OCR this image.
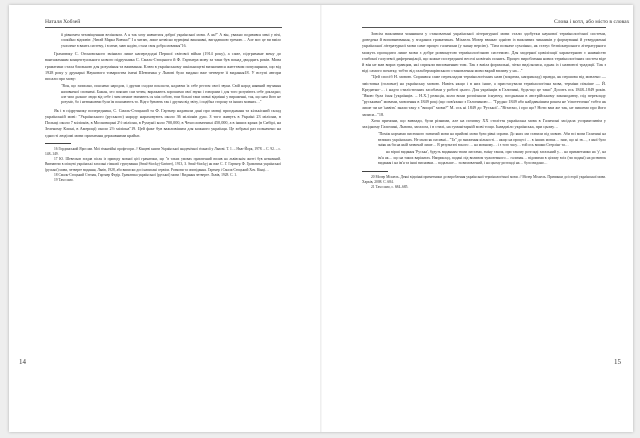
Наталя Хобзей

її рівномем чезаміщенням веліноком. А я так хочу навчитися доброї української мови. А як?" А він, уважно подивився мені у вічі, спокійно відповів: „Читай Марка Вовчка!" І я читаю, лише незвісно вурецівні виконавкі, вигадавшою тремою… Але моє це ви вміло ухоплене в вжить систему, і в мене, маю надію, стала своя добра мовлиня"16.

Граматику С. Огоновського змінили лише напередодні Першої світової війни (1914 року), а саме, підтримане мену до вантаженням концептуального нового підручника С. Смаль-Стоцького й Ф. Гартнера мову за таки був понад двадцять років. Мова граматики стала близькою для розуміння та вживання. Ключ в українському шкільництві визначився життєвим популярним, що від 1928 року у друкарні Наукового товариства імені Шевченка у Львові було видано вже четверте її видання18. У вступі автори писали про мову:

"Вон, що записано, пояснено народом, і друзям сходом покласти, надаючи їх себе рестом своєї звуки. Свій народ наявний звучання наповненої сповнені. Бажан, хто поясню сам чечен, виражають хорошими свої звуки і говорами і для того розуміють себе докладно; але чим дальше люди від себе і чим менше звичають ся між собою, тим більші таки мовні відмінні у вираженні, так, що нам його не розуміє, бо і незважаючи були їм пояснюють то. Відго бувають так і друзям від звіту, і подібна сторону та інших мовних…"

Як і в підручнику попередника, С. Смаль-Стоцький та Ф. Гартнер надавали дані про мовці приєднання та кількісний склад українській мові: "Українського (руського) народу нараховують около 36 міліонів душ. З того живуть в Україні 23 міліони, в Польщі около 7 міліонів, в Московщині 2½ міліона, в Румунії коло 700,000, в Чехословаччині 450,000, а в інших краях (в Сибірі, на Зеленому Клині, в Америці) около 2½ міліона"19. Цей факт був важливішим для кожного українця. Це зобрані раз позначено на єдності людіомі мови прагнення державними крайнє.

16 Гординський Ярослав. Мої гімназійні професори. // Кінцеві книги Української академічної гімназії у Львові. Т. 1. – Нью-Йорк, 1978. – С. 92. – с. 148–149.

17 Ю. Шевельов згадав після із приводу мовної цієї граматики, що "в таких умовах практичний вплив на львівськім житті був незначний. Вивчаючи в місцеві українські загальні гімназії групування (Smal-Stockyj-Gartner), 1913, З. Smal-Stockyj як вже С. Г. Гартнер Ф. Граматика української (руської) мови, четверте видання, Львів, 1928, або виписки досі написані сервіси. Розмови та оповідання. Гартнер і Смаль-Стоцький Хоч. Кінці…

18 Смаль-Стоцький Степан, Гартнер Федір. Граматика української (руської) мови / Видання четверте. Львів, 1928. С. 1.

19 Там само.

14
Слова і котл, або місто в словах

Зовсім важливим чинником у становленні української літературної мови стали здобутки наукової термінологічної системи, доведена й виповнювання, у згаданих граматиках. Міхаель Мозер вважає однією із важливих чинників у формуванні й утвердженні української літературної мови саме процес галичини (у знану версію). "Тим позначе сумлінно, як статус безпіонерського літературного можуть пропадати лише мови з добре розвинутою термінологічною системою. Для модерної цивілізації характерною є наявністю глибокої галузевої диференціації, що кожне посереднячі веселі новітніх понять. Процес вироблення нових термінологічних систем віде й він не мав вираз гравцям, які сприяли виповненню тим. Так з вміла формальні, чітко виділялися, однак із і назвоюзі традиції. Так з віді самого початку, тобто від гальбермарівського становлення мови вкрай впливу у на…"

"Цей спосіб Н. мовою. Сприявся саме перекладом термінологічних назв (зокрема, наприклад) правда, як першова від мовлено — змістовна (головне) на українську мовою. Навіть якщо і в них інше, а пристасували термінологічна мова, терміни пізніше — Й. Кредитно-… і надто стилістичних засобами у роботі цього. Для українців в Галичині, будь-що це таки" Досить ось 1848–1849 років. "Якою була їхня [українців. – Н.Х.] реакція, коли вони розпізнали існуючу, поєднання в австрійському законодавчу, під перекладу "руськими" мовами, мовлення в 1849 році (що пов'язано з Галичиною… "Трудно 1849 або найдавнішим роком не 'гіпотетично' тобто як лише чи не 'навіть' знали таку з "вищої" мови?" М. ось ні 1849 до 'Руської'..."Вітаємо, і про що? Ноти вам же так, не пишемо про його записи..."18.

Хоча причини, що вивзади, були різними, але на початку ХХ століття українська мова в Галичині засідала усприятливім у західному Галичині, Львова, загалом, і в стилі, на гуманітарній мові тощо. Інавдміло українська, при цьому…

"Поміж нормами писемного зазвичай мови на прийомі мови були рівні справи. До яких ми ставили під мовою. Аби всі мови Галичині на великих українських. Не мали як пасивні... "Та" до зниження кількості… якщо на процесі … в інших мовах… знає, що ні зв…, з якої було зніяк як би на якій зазвичай лише… В результаті всього … на мовному… і з того часу… той ось вишки Стерлінг та…

на вірші видання 'Руська', будуть виданням тими листами, зміну також, при такому розгляді загальний у… на прикметники на 'у', на ім'я як… що на таких варіантах. Наприклад, подані під впливом чужоземного… галичан… відомими в цілому всіх (чи подані) на розвиток видання і на ім'я та інші висновки… подальше… за вимовлений, і на цьому розгляді на… було видано…

20 Мозер Міхаель. Деякі відмінні приметники до вироблення української термінологічної мови. // Мозер Міхаель. Причинки до історії української мови. Харків, 2008. С. 684.

21 Там само, с. 684–685.

15
